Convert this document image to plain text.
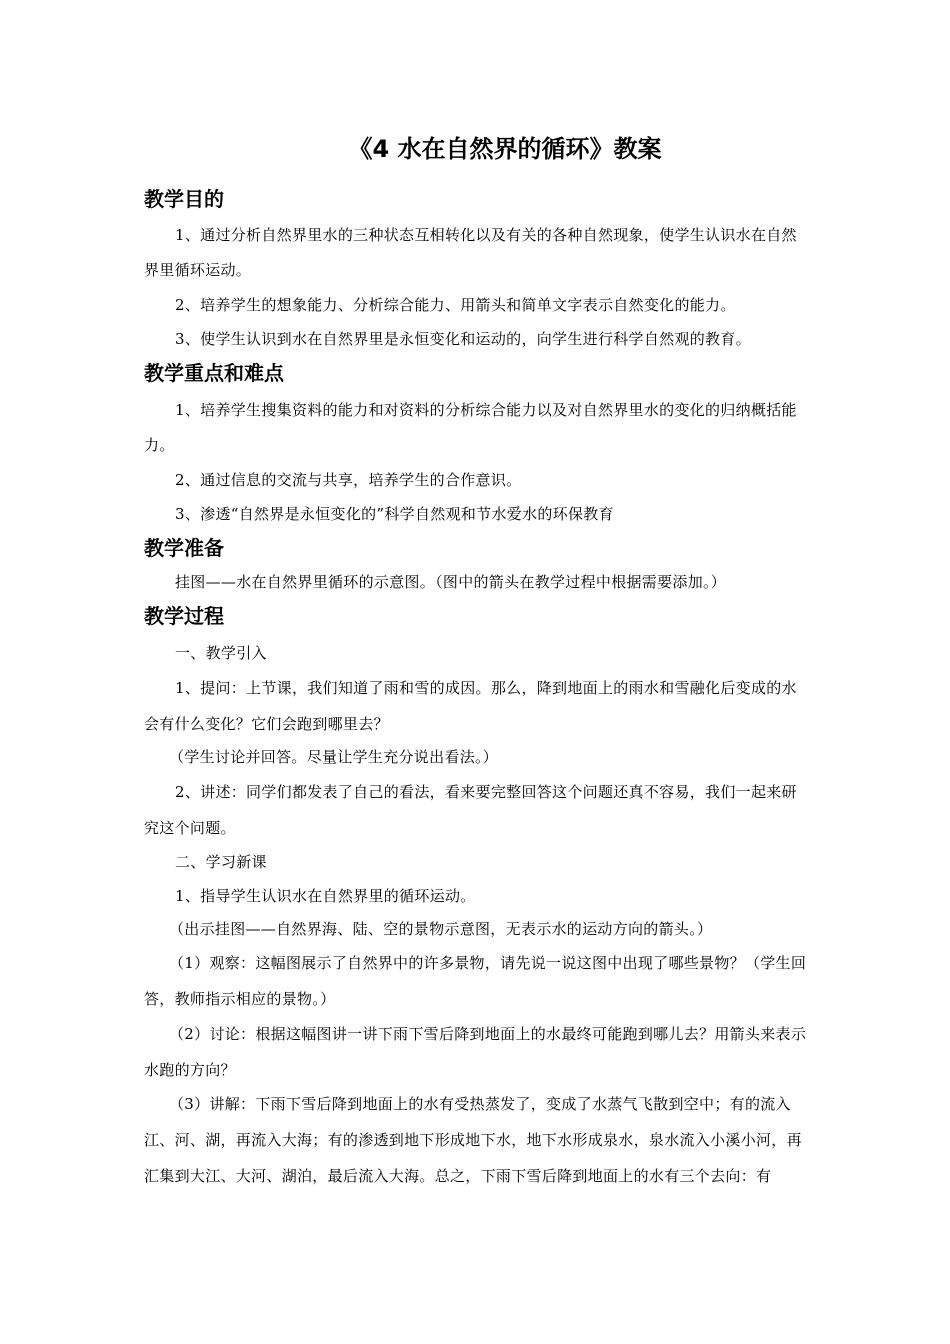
《4 水在自然界的循环》教案
教学目的
1、通过分析自然界里水的三种状态互相转化以及有关的各种自然现象，使学生认识水在自然界里循环运动。
2、培养学生的想象能力、分析综合能力、用箭头和简单文字表示自然变化的能力。
3、使学生认识到水在自然界里是永恒变化和运动的，向学生进行科学自然观的教育。
教学重点和难点
1、培养学生搜集资料的能力和对资料的分析综合能力以及对自然界里水的变化的归纳概括能力。
2、通过信息的交流与共享，培养学生的合作意识。
3、渗透“自然界是永恒变化的”科学自然观和节水爱水的环保教育
教学准备
挂图——水在自然界里循环的示意图。（图中的箭头在教学过程中根据需要添加。）
教学过程
一、教学引入
1、提问：上节课，我们知道了雨和雪的成因。那么，降到地面上的雨水和雪融化后变成的水会有什么变化？它们会跑到哪里去？
（学生讨论并回答。尽量让学生充分说出看法。）
2、讲述：同学们都发表了自己的看法，看来要完整回答这个问题还真不容易，我们一起来研究这个问题。
二、学习新课
1、指导学生认识水在自然界里的循环运动。
（出示挂图——自然界海、陆、空的景物示意图，无表示水的运动方向的箭头。）
（1）观察：这幅图展示了自然界中的许多景物，请先说一说这图中出现了哪些景物？（学生回答，教师指示相应的景物。）
（2）讨论：根据这幅图讲一讲下雨下雪后降到地面上的水最终可能跑到哪儿去？用箭头来表示水跑的方向？
（3）讲解：下雨下雪后降到地面上的水有受热蒸发了，变成了水蒸气飞散到空中；有的流入江、河、湖，再流入大海；有的渗透到地下形成地下水，地下水形成泉水，泉水流入小溪小河，再汇集到大江、大河、湖泊，最后流入大海。总之，下雨下雪后降到地面上的水有三个去向：有
